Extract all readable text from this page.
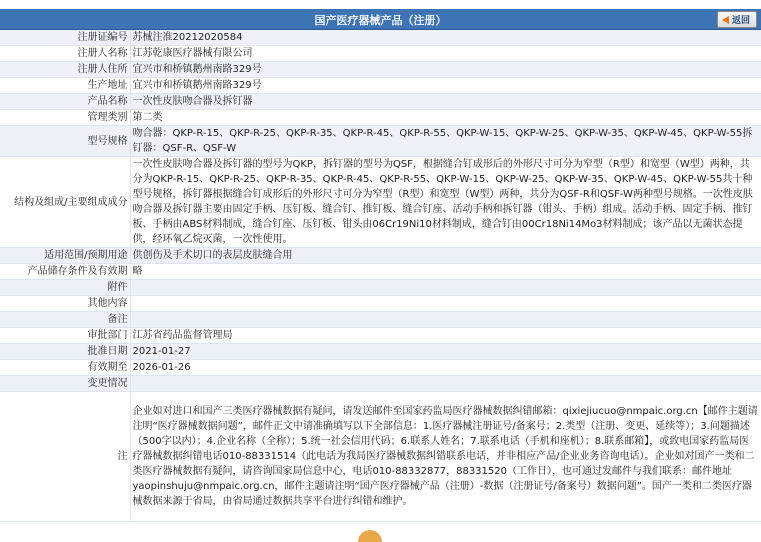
国产医疗器械产品（注册）	返回
注册证编号	苏械注准20212020584
注册人名称	江苏乾康医疗器械有限公司
注册人住所	宜兴市和桥镇鹅州南路329号
生产地址	宜兴市和桥镇鹅州南路329号
产品名称	一次性皮肤吻合器及拆钉器
管理类别	第二类
型号规格	吻合器：QKP-R-15、QKP-R-25、QKP-R-35、QKP-R-45、QKP-R-55、QKP-W-15、QKP-W-25、QKP-W-35、QKP-W-45、QKP-W-55拆钉器：QSF-R、QSF-W
结构及组成/主要组成成分	一次性皮肤吻合器及拆钉器的型号为QKP，拆钉器的型号为QSF，根据缝合钉成形后的外形尺寸可分为窄型（R型）和宽型（W型）两种，共分为QKP-R-15、QKP-R-25、QKP-R-35、QKP-R-45、QKP-R-55、QKP-W-15、QKP-W-25、QKP-W-35、QKP-W-45、QKP-W-55共十种型号规格，拆钉器根据缝合钉成形后的外形尺寸可分为窄型（R型）和宽型（W型）两种，共分为QSF-R和QSF-W两种型号规格。一次性皮肤吻合器及拆钉器主要由固定手柄、压钉板、缝合钉、推钉板、缝合钉座、活动手柄和拆钉器（钳头、手柄）组成。活动手柄、固定手柄、推钉板、手柄由ABS材料制成，缝合钉座、压钉板、钳头由06Cr19Ni10材料制成，缝合钉由00Cr18Ni14Mo3材料制成；该产品以无菌状态提供，经环氧乙烷灭菌，一次性使用。
适用范围/预期用途	供创伤及手术切口的表层皮肤缝合用
产品储存条件及有效期	略
附件	
其他内容	
备注	
审批部门	江苏省药品监督管理局
批准日期	2021-01-27
有效期至	2026-01-26
变更情况	
注	企业如对进口和国产三类医疗器械数据有疑问，请发送邮件至国家药监局医疗器械数据纠错邮箱：qixiejiucuo@nmpaic.org.cn【邮件主题请注明“医疗器械数据问题”，邮件正文中请准确填写以下全部信息：1.医疗器械注册证号/备案号；2.类型（注册、变更、延续等）；3.问题描述（500字以内）；4.企业名称（全称）；5.统一社会信用代码；6.联系人姓名；7.联系电话（手机和座机）；8.联系邮箱】，或致电国家药监局医疗器械数据纠错电话010-88331514（此电话为我局医疗器械数据纠错联系电话，并非相应产品/企业业务咨询电话）。企业如对国产一类和二类医疗器械数据有疑问，请咨询国家局信息中心，电话010-88332877，88331520（工作日），也可通过发邮件与我们联系：邮件地址yaopinshuju@nmpaic.org.cn，邮件主题请注明“国产医疗器械产品（注册）-数据（注册证号/备案号）数据问题”。国产一类和二类医疗器械数据来源于省局，由省局通过数据共享平台进行纠错和维护。
